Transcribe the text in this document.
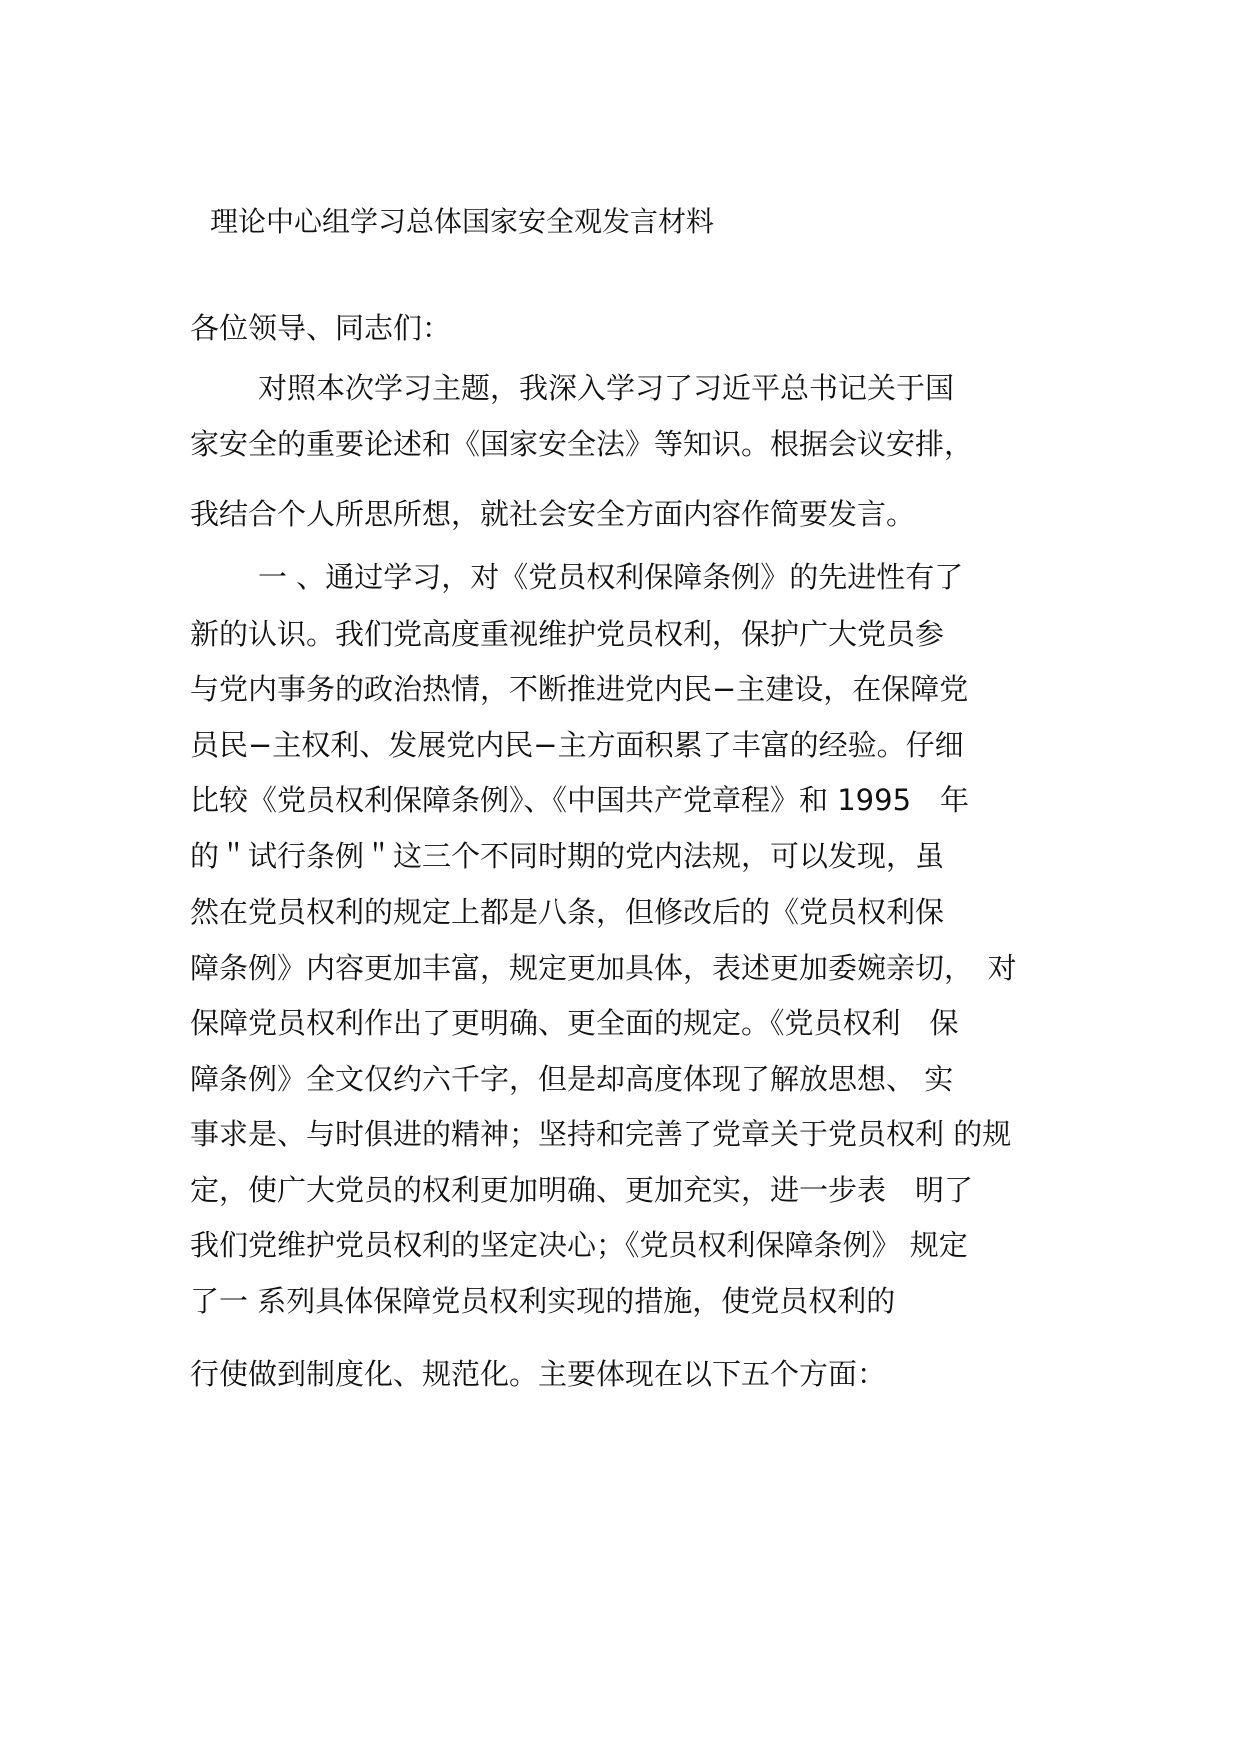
理论中心组学习总体国家安全观发言材料
各位领导、同志们：
对照本次学习主题，我深入学习了习近平总书记关于国
家安全的重要论述和《国家安全法》等知识。根据会议安排，
我结合个人所思所想，就社会安全方面内容作简要发言。
一 、通过学习，对《党员权利保障条例》的先进性有了
新的认识。我们党高度重视维护党员权利，保护广大党员参
与党内事务的政治热情，不断推进党内民−主建设，在保障党
员民−主权利、发展党内民−主方面积累了丰富的经验。仔细
比较《党员权利保障条例》、《中国共产党章程》和 1995　年
的＂试行条例＂这三个不同时期的党内法规，可以发现，虽
然在党员权利的规定上都是八条，但修改后的《党员权利保
障条例》内容更加丰富，规定更加具体，表述更加委婉亲切，　对
保障党员权利作出了更明确、更全面的规定。《党员权利　保
障条例》全文仅约六千字，但是却高度体现了解放思想、 实
事求是、与时俱进的精神；坚持和完善了党章关于党员权利 的规
定，使广大党员的权利更加明确、更加充实，进一步表　明了
我们党维护党员权利的坚定决心；《党员权利保障条例》 规定
了一 系列具体保障党员权利实现的措施，使党员权利的
行使做到制度化、规范化。主要体现在以下五个方面：
